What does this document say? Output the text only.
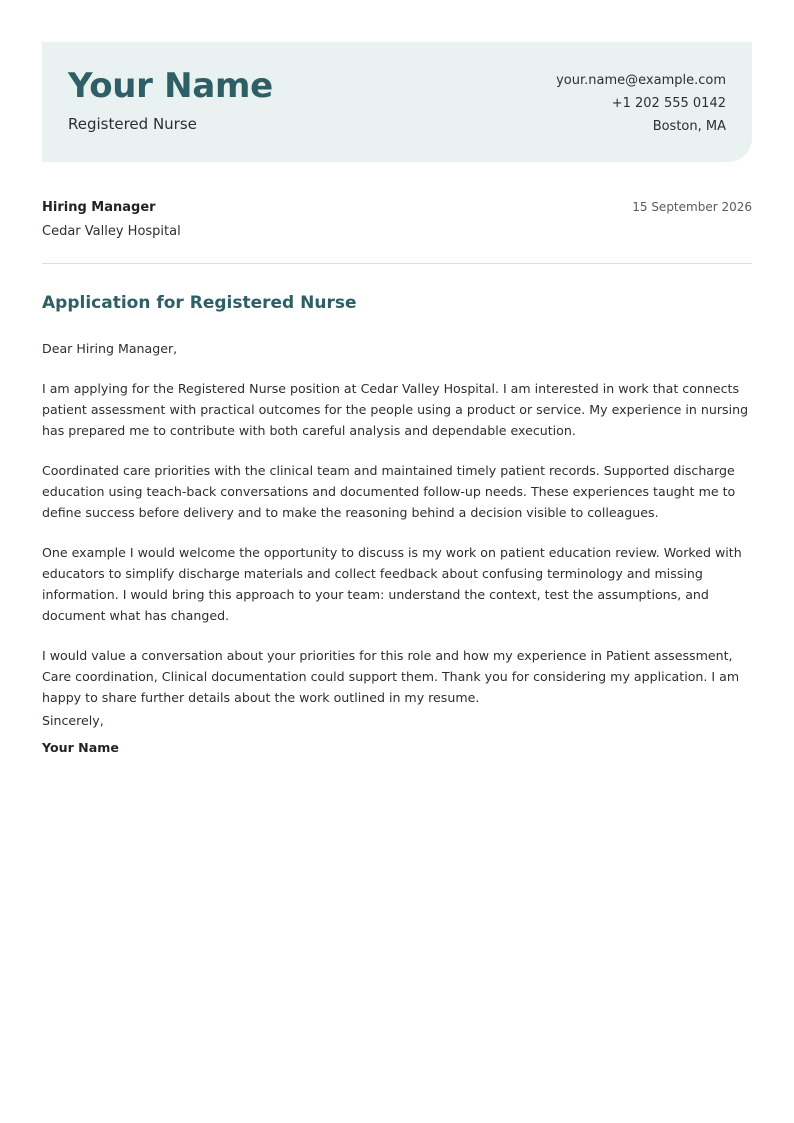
Your Name
Registered Nurse
your.name@example.com
+1 202 555 0142
Boston, MA
Hiring Manager
Cedar Valley Hospital
15 September 2026
Application for Registered Nurse

Dear Hiring Manager,

I am applying for the Registered Nurse position at Cedar Valley Hospital. I am interested in work that connects patient assessment with practical outcomes for the people using a product or service. My experience in nursing has prepared me to contribute with both careful analysis and dependable execution.

Coordinated care priorities with the clinical team and maintained timely patient records. Supported discharge education using teach-back conversations and documented follow-up needs. These experiences taught me to define success before delivery and to make the reasoning behind a decision visible to colleagues.

One example I would welcome the opportunity to discuss is my work on patient education review. Worked with educators to simplify discharge materials and collect feedback about confusing terminology and missing information. I would bring this approach to your team: understand the context, test the assumptions, and document what has changed.

I would value a conversation about your priorities for this role and how my experience in Patient assessment, Care coordination, Clinical documentation could support them. Thank you for considering my application. I am happy to share further details about the work outlined in my resume.

Sincerely,
Your Name
